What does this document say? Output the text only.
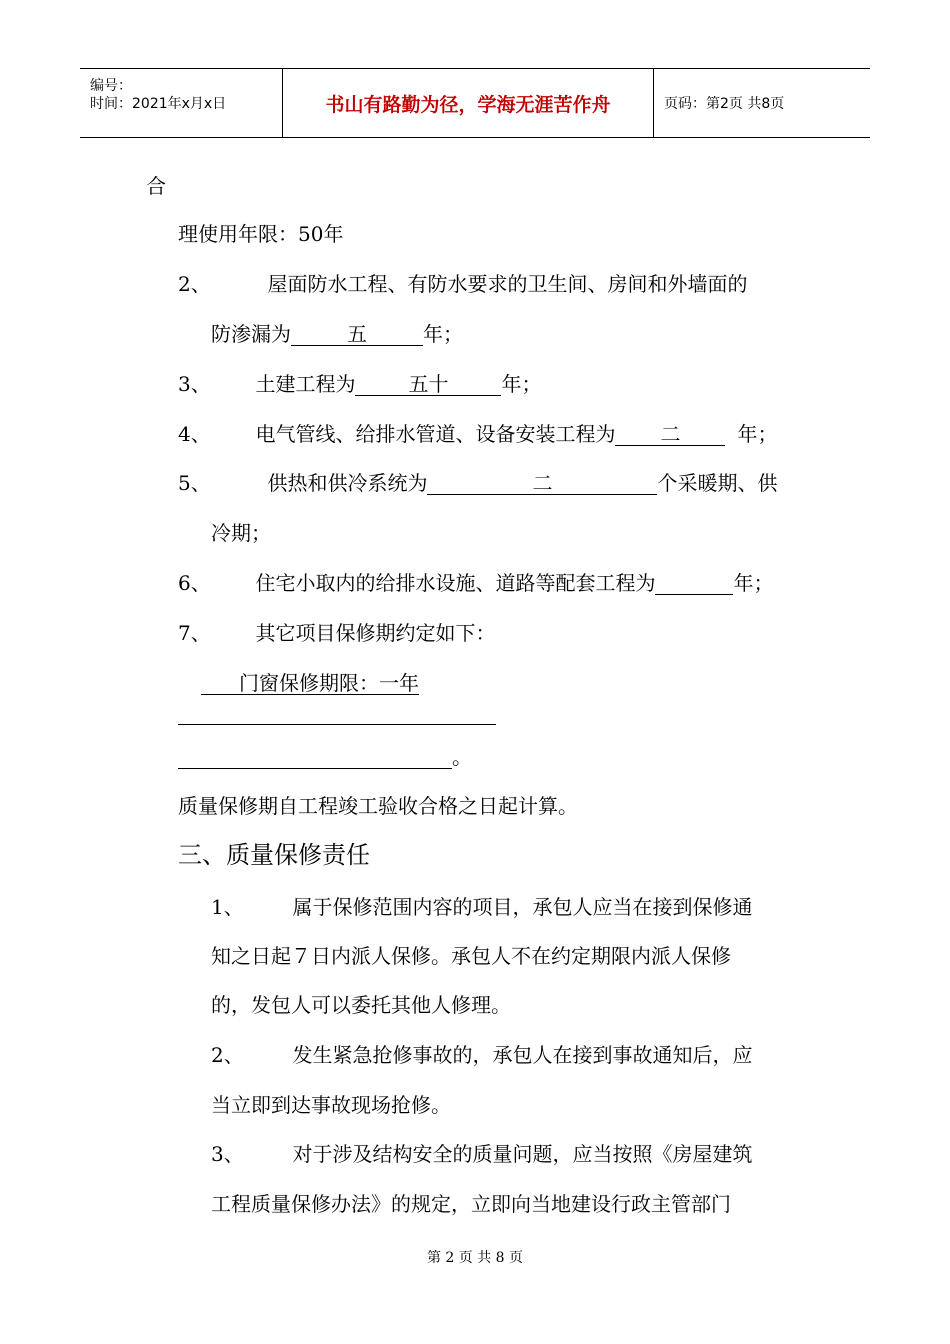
编号：
时间：2021年x月x日	书山有路勤为径，学海无涯苦作舟	页码：第2页 共8页
合
理使用年限：50年
2、	屋面防水工程、有防水要求的卫生间、房间和外墙面的
防渗漏为	五	年；
3、 土建工程为	五十	年；
4、 电气管线、给排水管道、设备安装工程为 二	年；
5、	供热和供冷系统为	二	个采暖期、供
冷期；
6、 住宅小取内的给排水设施、道路等配套工程为	年；
7、 其它项目保修期约定如下：
门窗保修期限：一年
。
质量保修期自工程竣工验收合格之日起计算。
三、质量保修责任
1、 属于保修范围内容的项目，承包人应当在接到保修通
知之日起７日内派人保修。承包人不在约定期限内派人保修
的，发包人可以委托其他人修理。
2、 发生紧急抢修事故的，承包人在接到事故通知后，应
当立即到达事故现场抢修。
3、 对于涉及结构安全的质量问题，应当按照《房屋建筑
工程质量保修办法》的规定，立即向当地建设行政主管部门
第 2 页 共 8 页
